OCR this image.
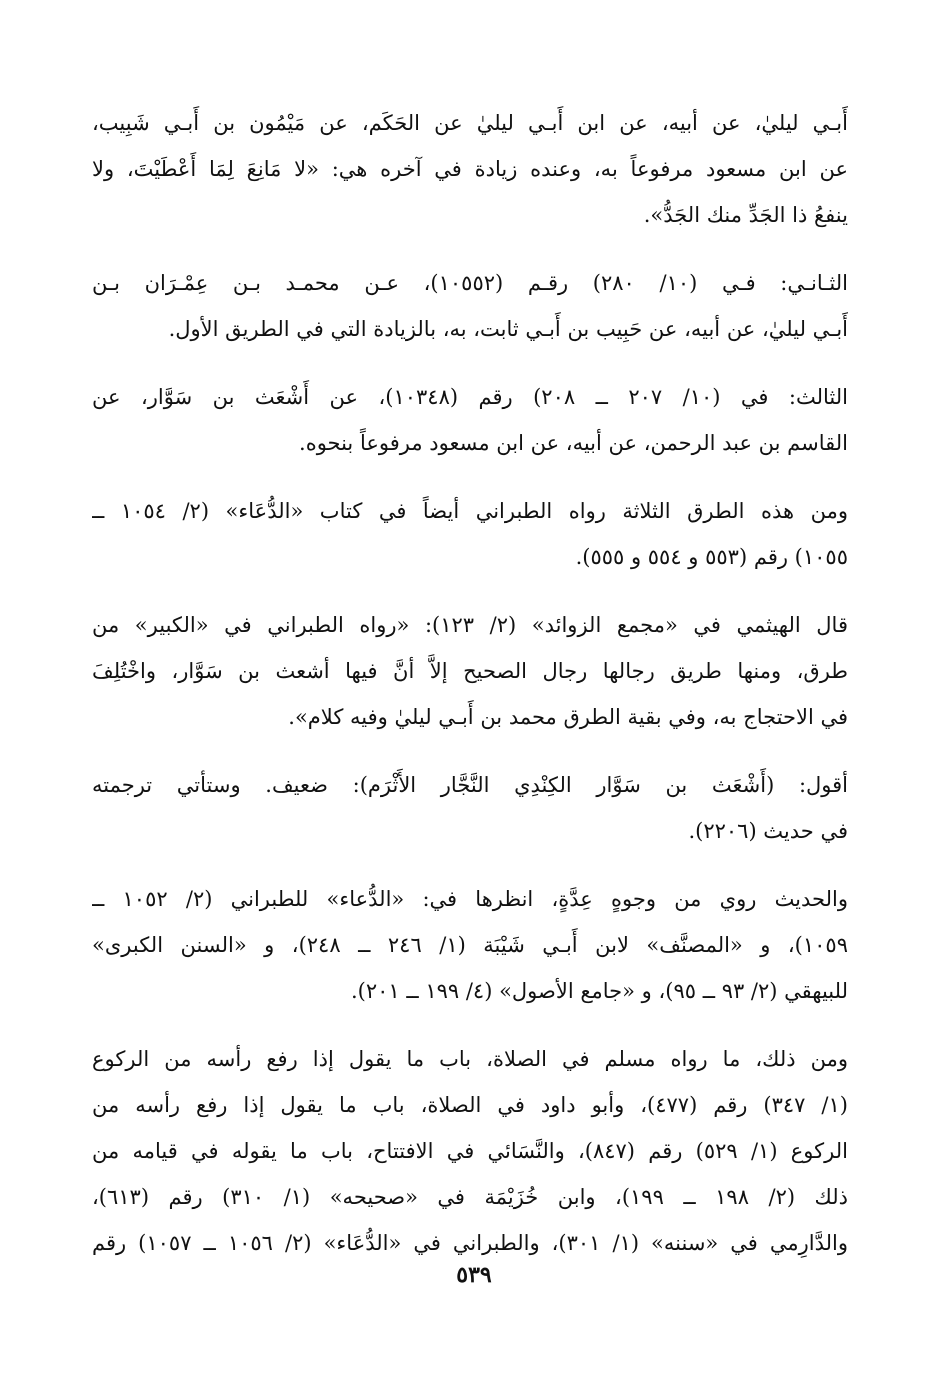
أَبـي ليليٰ، عن أبيه، عن ابن أَبـي ليليٰ عن الحَكَم، عن مَيْمُون بن أَبـي شَبِيب،
عن ابن مسعود مرفوعاً به، وعنده زيادة في آخره هي: «لا مَانِعَ لِمَا أَعْطَيْتَ، ولا
ينفعُ ذا الجَدِّ منك الجَدُّ».
الثـانـي: فـي (١٠/ ٢٨٠) رقـم (١٠٥٥٢)، عـن محمـد بـن عِمْـرَان بـن
أَبـي ليليٰ، عن أبيه، عن حَبِيب بن أَبـي ثابت، به، بالزيادة التي في الطريق الأول.
الثالث: في (١٠/ ٢٠٧ ــ ٢٠٨) رقم (١٠٣٤٨)، عن أَشْعَث بن سَوَّار، عن
القاسم بن عبد الرحمن، عن أبيه، عن ابن مسعود مرفوعاً بنحوه.
ومن هذه الطرق الثلاثة رواه الطبراني أيضاً في كتاب «الدُّعَاء» (٢/ ١٠٥٤ ــ
١٠٥٥) رقم (٥٥٣ و ٥٥٤ و ٥٥٥).
قال الهيثمي في «مجمع الزوائد» (٢/ ١٢٣): «رواه الطبراني في «الكبير» من
طرق، ومنها طريق رجالها رجال الصحيح إلاَّ أنَّ فيها أشعث بن سَوَّار، واخْتُلِفَ
في الاحتجاج به، وفي بقية الطرق محمد بن أَبـي ليليٰ وفيه كلام».
أقول: (أَشْعَث بن سَوَّار الكِنْدِي النَّجَّار الأَثْرَم): ضعيف. وستأتي ترجمته
في حديث (٢٢٠٦).
والحديث روي من وجوهٍ عِدَّةٍ، انظرها في: «الدُّعاء» للطبراني (٢/ ١٠٥٢ ــ
١٠٥٩)، و «المصنَّف» لابن أَبـي شَيْبَة (١/ ٢٤٦ ــ ٢٤٨)، و «السنن الكبرى»
للبيهقي (٢/ ٩٣ ــ ٩٥)، و «جامع الأصول» (٤/ ١٩٩ ــ ٢٠١).
ومن ذلك، ما رواه مسلم في الصلاة، باب ما يقول إذا رفع رأسه من الركوع
(١/ ٣٤٧) رقم (٤٧٧)، وأبو داود في الصلاة، باب ما يقول إذا رفع رأسه من
الركوع (١/ ٥٢٩) رقم (٨٤٧)، والنَّسَائي في الافتتاح، باب ما يقوله في قيامه من
ذلك (٢/ ١٩٨ ــ ١٩٩)، وابن خُزَيْمَة في «صحيحه» (١/ ٣١٠) رقم (٦١٣)،
والدَّارِمي في «سننه» (١/ ٣٠١)، والطبراني في «الدُّعَاء» (٢/ ١٠٥٦ ــ ١٠٥٧) رقم
٥٣٩
